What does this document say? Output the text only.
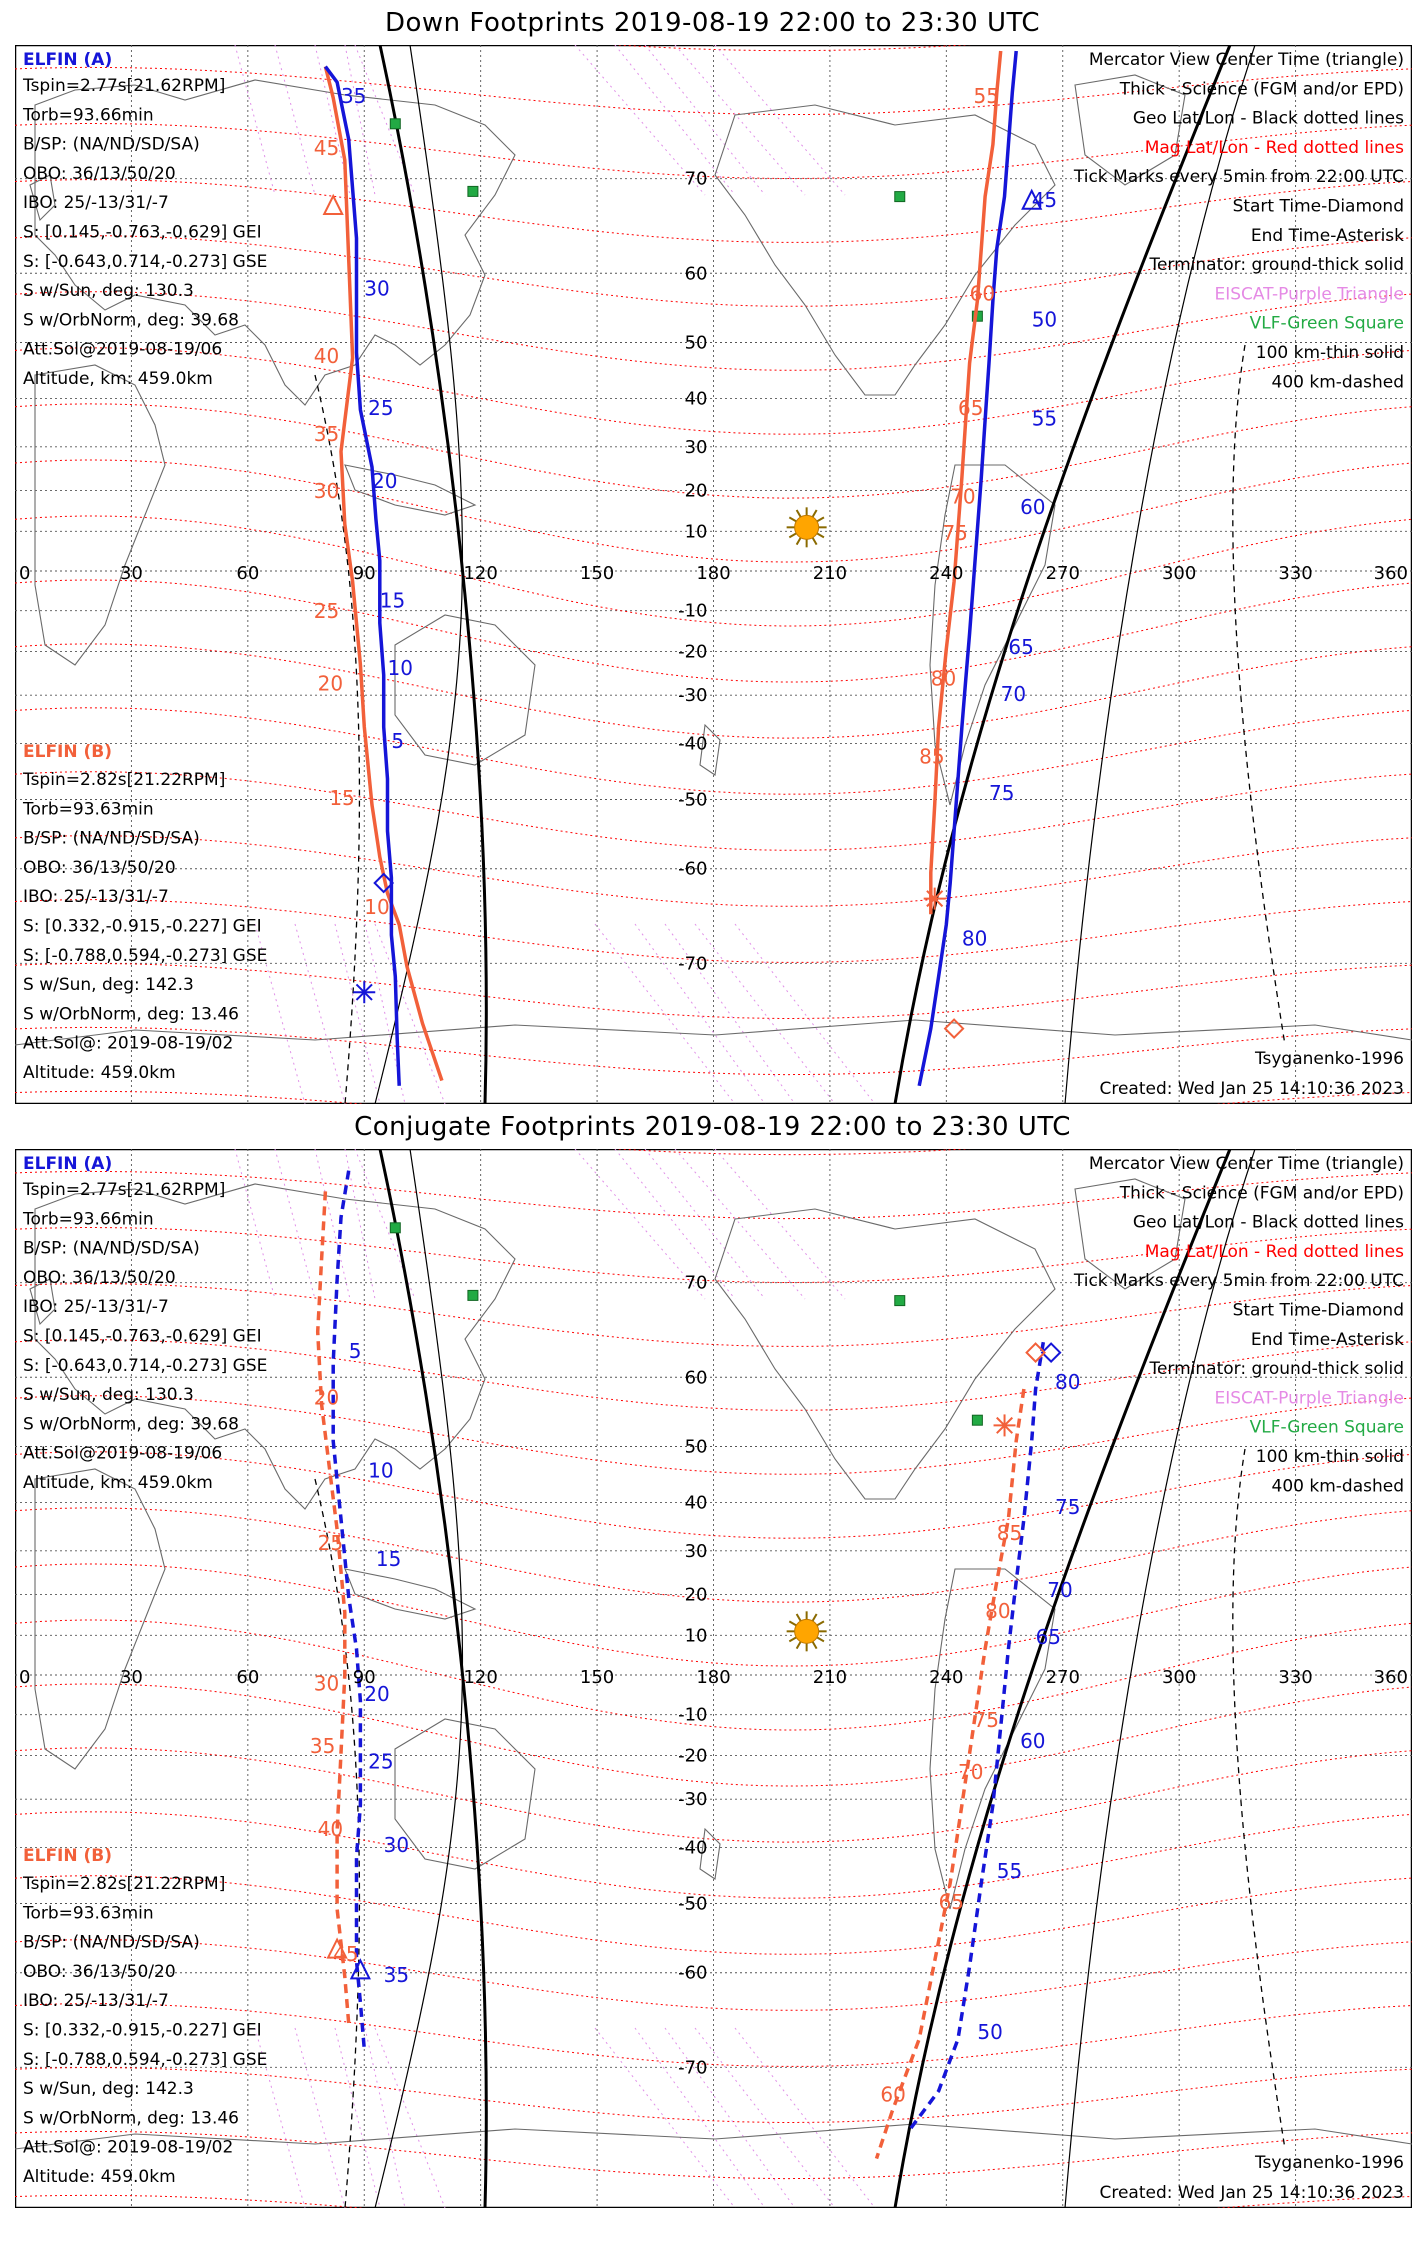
Down Footprints 2019-08-19 22:00 to 23:30 UTC
35
30
25
20
15
10
5
45
50
55
60
65
70
75
80
45
40
35
30
25
20
15
10
55
60
65
70
75
80
85
0	30	60	90	120	150	180	210	240	270	300	330	360
70
60
50
40
30
20
10
-10
-20
-30
-40
-50
-60
-70
ELFIN (A)
Tspin=2.77s[21.62RPM]
Torb=93.66min
B/SP: (NA/ND/SD/SA)
OBO: 36/13/50/20
IBO: 25/-13/31/-7
S: [0.145,-0.763,-0.629] GEI
S: [-0.643,0.714,-0.273] GSE
S w/Sun, deg: 130.3
S w/OrbNorm, deg: 39.68
Att.Sol@2019-08-19/06
Altitude, km: 459.0km
ELFIN (B)
Tspin=2.82s[21.22RPM]
Torb=93.63min
B/SP: (NA/ND/SD/SA)
OBO: 36/13/50/20
IBO: 25/-13/31/-7
S: [0.332,-0.915,-0.227] GEI
S: [-0.788,0.594,-0.273] GSE
S w/Sun, deg: 142.3
S w/OrbNorm, deg: 13.46
Att.Sol@: 2019-08-19/02
Altitude: 459.0km
Mercator View Center Time (triangle)
Thick - Science (FGM and/or EPD)
Geo Lat/Lon - Black dotted lines
Mag Lat/Lon - Red dotted lines
Tick Marks every 5min from 22:00 UTC
Start Time-Diamond
End Time-Asterisk
Terminator: ground-thick solid
EISCAT-Purple Triangle
VLF-Green Square
100 km-thin solid
400 km-dashed
Tsyganenko-1996
Created: Wed Jan 25 14:10:36 2023
Conjugate Footprints 2019-08-19 22:00 to 23:30 UTC
5
10
15
20
25
30
35
80
75
70
65
60
55
50
20
25
30
35
40
45
85
80
75
70
65
60
0	30	60	90	120	150	180	210	240	270	300	330	360
70
60
50
40
30
20
10
-10
-20
-30
-40
-50
-60
-70
ELFIN (A)
Tspin=2.77s[21.62RPM]
Torb=93.66min
B/SP: (NA/ND/SD/SA)
OBO: 36/13/50/20
IBO: 25/-13/31/-7
S: [0.145,-0.763,-0.629] GEI
S: [-0.643,0.714,-0.273] GSE
S w/Sun, deg: 130.3
S w/OrbNorm, deg: 39.68
Att.Sol@2019-08-19/06
Altitude, km: 459.0km
ELFIN (B)
Tspin=2.82s[21.22RPM]
Torb=93.63min
B/SP: (NA/ND/SD/SA)
OBO: 36/13/50/20
IBO: 25/-13/31/-7
S: [0.332,-0.915,-0.227] GEI
S: [-0.788,0.594,-0.273] GSE
S w/Sun, deg: 142.3
S w/OrbNorm, deg: 13.46
Att.Sol@: 2019-08-19/02
Altitude: 459.0km
Mercator View Center Time (triangle)
Thick - Science (FGM and/or EPD)
Geo Lat/Lon - Black dotted lines
Mag Lat/Lon - Red dotted lines
Tick Marks every 5min from 22:00 UTC
Start Time-Diamond
End Time-Asterisk
Terminator: ground-thick solid
EISCAT-Purple Triangle
VLF-Green Square
100 km-thin solid
400 km-dashed
Tsyganenko-1996
Created: Wed Jan 25 14:10:36 2023
